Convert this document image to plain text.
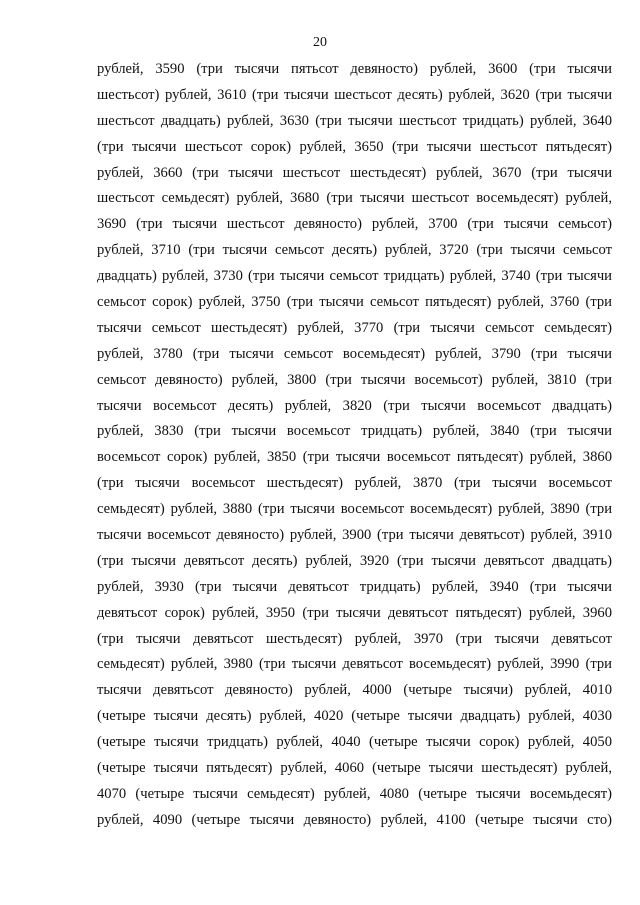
20
рублей, 3590 (три тысячи пятьсот девяносто) рублей, 3600 (три тысячи
шестьсот) рублей, 3610 (три тысячи шестьсот десять) рублей, 3620 (три тысячи
шестьсот двадцать) рублей, 3630 (три тысячи шестьсот тридцать) рублей, 3640
(три тысячи шестьсот сорок) рублей, 3650 (три тысячи шестьсот пятьдесят)
рублей, 3660 (три тысячи шестьсот шестьдесят) рублей, 3670 (три тысячи
шестьсот семьдесят) рублей, 3680 (три тысячи шестьсот восемьдесят) рублей,
3690 (три тысячи шестьсот девяносто) рублей, 3700 (три тысячи семьсот)
рублей, 3710 (три тысячи семьсот десять) рублей, 3720 (три тысячи семьсот
двадцать) рублей, 3730 (три тысячи семьсот тридцать) рублей, 3740 (три тысячи
семьсот сорок) рублей, 3750 (три тысячи семьсот пятьдесят) рублей, 3760 (три
тысячи семьсот шестьдесят) рублей, 3770 (три тысячи семьсот семьдесят)
рублей, 3780 (три тысячи семьсот восемьдесят) рублей, 3790 (три тысячи
семьсот девяносто) рублей, 3800 (три тысячи восемьсот) рублей, 3810 (три
тысячи восемьсот десять) рублей, 3820 (три тысячи восемьсот двадцать)
рублей, 3830 (три тысячи восемьсот тридцать) рублей, 3840 (три тысячи
восемьсот сорок) рублей, 3850 (три тысячи восемьсот пятьдесят) рублей, 3860
(три тысячи восемьсот шестьдесят) рублей, 3870 (три тысячи восемьсот
семьдесят) рублей, 3880 (три тысячи восемьсот восемьдесят) рублей, 3890 (три
тысячи восемьсот девяносто) рублей, 3900 (три тысячи девятьсот) рублей, 3910
(три тысячи девятьсот десять) рублей, 3920 (три тысячи девятьсот двадцать)
рублей, 3930 (три тысячи девятьсот тридцать) рублей, 3940 (три тысячи
девятьсот сорок) рублей, 3950 (три тысячи девятьсот пятьдесят) рублей, 3960
(три тысячи девятьсот шестьдесят) рублей, 3970 (три тысячи девятьсот
семьдесят) рублей, 3980 (три тысячи девятьсот восемьдесят) рублей, 3990 (три
тысячи девятьсот девяносто) рублей, 4000 (четыре тысячи) рублей, 4010
(четыре тысячи десять) рублей, 4020 (четыре тысячи двадцать) рублей, 4030
(четыре тысячи тридцать) рублей, 4040 (четыре тысячи сорок) рублей, 4050
(четыре тысячи пятьдесят) рублей, 4060 (четыре тысячи шестьдесят) рублей,
4070 (четыре тысячи семьдесят) рублей, 4080 (четыре тысячи восемьдесят)
рублей, 4090 (четыре тысячи девяносто) рублей, 4100 (четыре тысячи сто)
